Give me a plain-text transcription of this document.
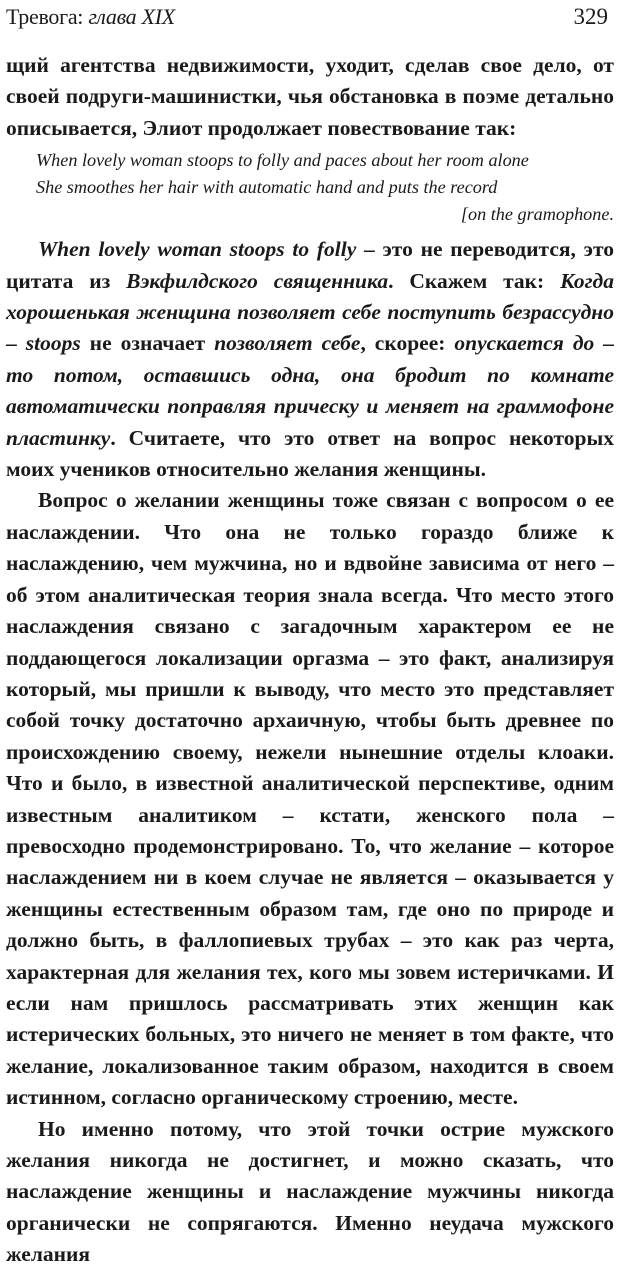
Тревога: глава XIX	329

щий агентства недвижимости, уходит, сделав свое дело, от своей подруги-машинистки, чья обстановка в поэме детально описывается, Элиот продолжает повествование так:

When lovely woman stoops to folly and paces about her room alone
She smoothes her hair with automatic hand and puts the record
[on the gramophone.

When lovely woman stoops to folly – это не переводится, это цитата из Вэкфилдского священника. Скажем так: Когда хорошенькая женщина позволяет себе поступить безрассудно – stoops не означает позволяет себе, скорее: опускается до – то потом, оставшись одна, она бродит по комнате автоматически поправляя прическу и меняет на граммофоне пластинку. Считаете, что это ответ на вопрос некоторых моих учеников относительно желания женщины.

Вопрос о желании женщины тоже связан с вопросом о ее наслаждении. Что она не только гораздо ближе к наслаждению, чем мужчина, но и вдвойне зависима от него – об этом аналитическая теория знала всегда. Что место этого наслаждения связано с загадочным характером ее не поддающегося локализации оргазма – это факт, анализируя который, мы пришли к выводу, что место это представляет собой точку достаточно архаичную, чтобы быть древнее по происхождению своему, нежели нынешние отделы клоаки. Что и было, в известной аналитической перспективе, одним известным аналитиком – кстати, женского пола – превосходно продемонстрировано. То, что желание – которое наслаждением ни в коем случае не является – оказывается у женщины естественным образом там, где оно по природе и должно быть, в фаллопиевых трубах – это как раз черта, характерная для желания тех, кого мы зовем истеричками. И если нам пришлось рассматривать этих женщин как истерических больных, это ничего не меняет в том факте, что желание, локализованное таким образом, находится в своем истинном, согласно органическому строению, месте.

Но именно потому, что этой точки острие мужского желания никогда не достигнет, и можно сказать, что наслаждение женщины и наслаждение мужчины никогда органически не сопрягаются. Именно неудача мужского желания
